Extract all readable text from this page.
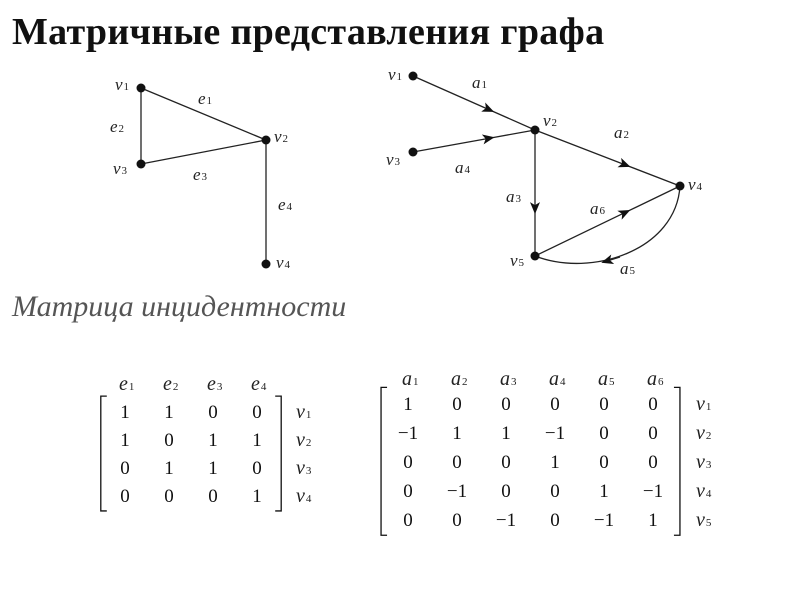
Матричные представления графа
Матрица инцидентности
e1
e2
e3
e4
v1
v2
v3
v4
a1
a2
a3
a4
a5
a6
v1
v2
v3
v4
v5
e1 e2 e3 e4
1 1 0 0
1 0 1 1
0 1 1 0
0 0 0 1
v1
v2
v3
v4
a1 a2 a3 a4 a5 a6
1 0 0 0 0 0
−1 1 1 −1 0 0
0 0 0 1 0 0
0 −1 0 0 1 −1
0 0 −1 0 −1 1
v1
v2
v3
v4
v5
